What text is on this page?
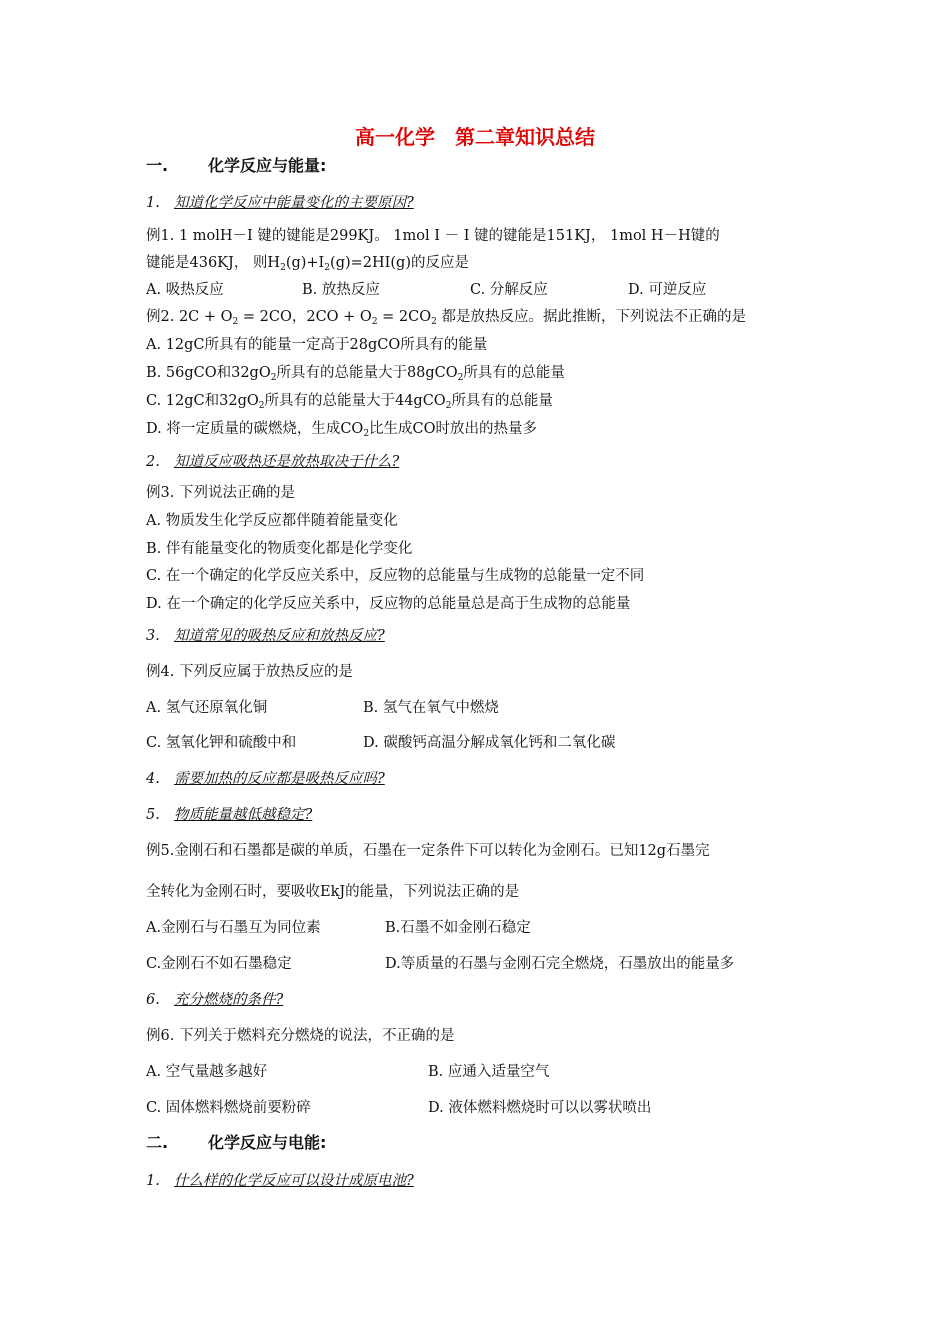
高一化学　第二章知识总结
一. 化学反应与能量:
1. 知道化学反应中能量变化的主要原因?
例1. 1 molH－I 键的键能是299KJ。 1mol I － I 键的键能是151KJ， 1mol H－H键的
键能是436KJ， 则$H_2(g)+I_2(g)=2HI(g)$的反应是
A. 吸热反应	B. 放热反应	C. 分解反应	D. 可逆反应
例2. $2C + O_2 = 2CO$，$2CO + O_2 = 2CO_2$ 都是放热反应。据此推断，下列说法不正确的是
A. 12gC所具有的能量一定高于28gCO所具有的能量
B. 56gCO和$32gO_2$所具有的总能量大于88gCO$_2$所具有的总能量
C. 12gC和$32gO_2$所具有的总能量大于44gCO$_2$所具有的总能量
D. 将一定质量的碳燃烧，生成$CO_2$比生成CO时放出的热量多
2. 知道反应吸热还是放热取决于什么?
例3. 下列说法正确的是
A. 物质发生化学反应都伴随着能量变化
B. 伴有能量变化的物质变化都是化学变化
C. 在一个确定的化学反应关系中，反应物的总能量与生成物的总能量一定不同
D. 在一个确定的化学反应关系中，反应物的总能量总是高于生成物的总能量
3. 知道常见的吸热反应和放热反应?
例4. 下列反应属于放热反应的是
A. 氢气还原氧化铜	B. 氢气在氧气中燃烧
C. 氢氧化钾和硫酸中和	D. 碳酸钙高温分解成氧化钙和二氧化碳
4. 需要加热的反应都是吸热反应吗?
5. 物质能量越低越稳定?
例5.金刚石和石墨都是碳的单质，石墨在一定条件下可以转化为金刚石。已知12g石墨完
全转化为金刚石时，要吸收EkJ的能量，下列说法正确的是
A.金刚石与石墨互为同位素	B.石墨不如金刚石稳定
C.金刚石不如石墨稳定	D.等质量的石墨与金刚石完全燃烧，石墨放出的能量多
6. 充分燃烧的条件?
例6. 下列关于燃料充分燃烧的说法，不正确的是
A. 空气量越多越好	B. 应通入适量空气
C. 固体燃料燃烧前要粉碎	D. 液体燃料燃烧时可以以雾状喷出
二. 化学反应与电能:
1. 什么样的化学反应可以设计成原电池?
